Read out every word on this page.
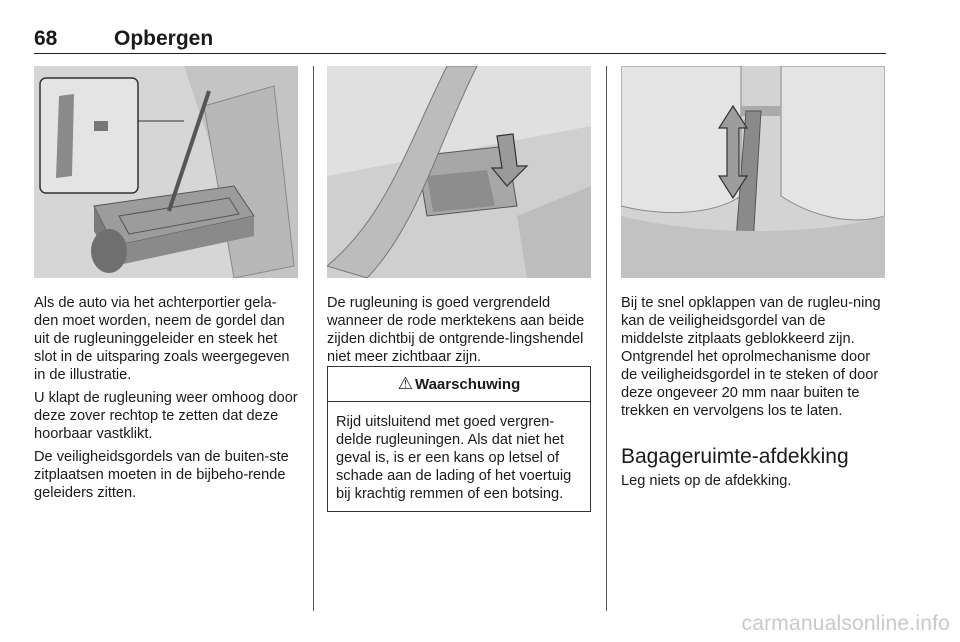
68	Opbergen

Als de auto via het achterportier gela-den moet worden, neem de gordel dan uit de rugleuninggeleider en steek het slot in de uitsparing zoals weergegeven in de illustratie.

U klapt de rugleuning weer omhoog door deze zover rechtop te zetten dat deze hoorbaar vastklikt.

De veiligheidsgordels van de buiten-ste zitplaatsen moeten in de bijbeho-rende geleiders zitten.

De rugleuning is goed vergrendeld wanneer de rode merktekens aan beide zijden dichtbij de ontgrende-lingshendel niet meer zichtbaar zijn.

⚠ Waarschuwing

Rijd uitsluitend met goed vergren-delde rugleuningen. Als dat niet het geval is, is er een kans op letsel of schade aan de lading of het voertuig bij krachtig remmen of een botsing.

Bij te snel opklappen van de rugleu-ning kan de veiligheidsgordel van de middelste zitplaats geblokkeerd zijn. Ontgrendel het oprolmechanisme door de veiligheidsgordel in te steken of door deze ongeveer 20 mm naar buiten te trekken en vervolgens los te laten.

Bagageruimte-afdekking

Leg niets op de afdekking.

carmanualsonline.info
